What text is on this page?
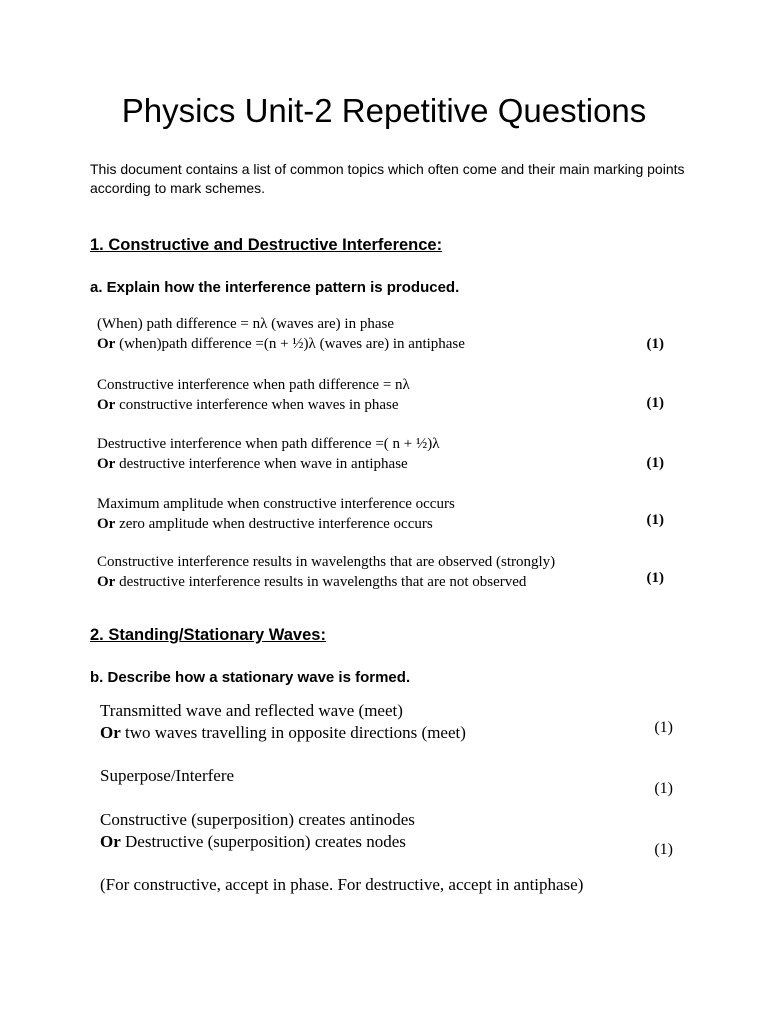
Physics Unit-2 Repetitive Questions
This document contains a list of common topics which often come and their main marking points according to mark schemes.
1. Constructive and Destructive Interference:
a. Explain how the interference pattern is produced.
(When) path difference = nλ (waves are) in phase
Or (when)path difference =(n + ½)λ (waves are) in antiphase	(1)
Constructive interference when path difference = nλ
Or constructive interference when waves in phase	(1)
Destructive interference when path difference =( n + ½)λ
Or destructive interference when wave in antiphase	(1)
Maximum amplitude when constructive interference occurs
Or zero amplitude when destructive interference occurs	(1)
Constructive interference results in wavelengths that are observed (strongly)
Or destructive interference results in wavelengths that are not observed	(1)
2. Standing/Stationary Waves:
b. Describe how a stationary wave is formed.
Transmitted wave and reflected wave (meet)
Or two waves travelling in opposite directions (meet)	(1)
Superpose/Interfere
(1)
Constructive (superposition) creates antinodes
Or Destructive (superposition) creates nodes	(1)
(For constructive, accept in phase. For destructive, accept in antiphase)
